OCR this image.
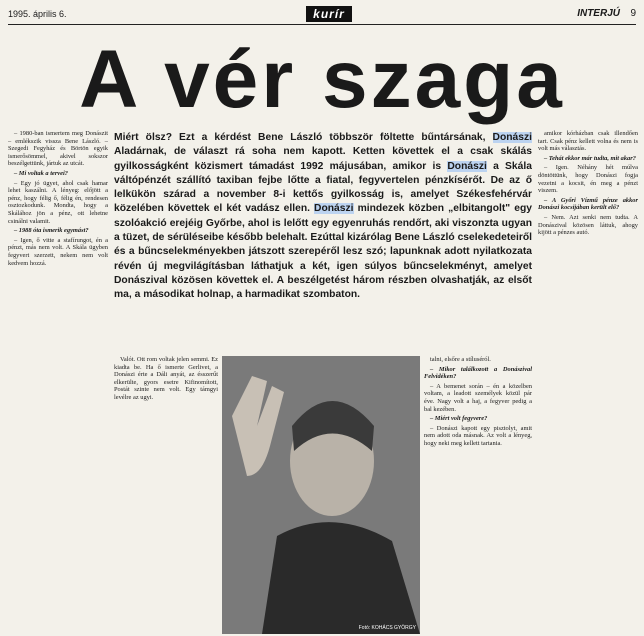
1995. április 6.	kurír	INTERJÚ 9
A vér szaga

– 1980-ban ismertem meg Donászit – emlékszik vissza Bene László. – Szegedi Fegyház és Börtön egyik ismerősömmel, akivel sokszor beszélgettünk, jártuk az utcát.

– Mi voltak a tervei?

– Egy jó ügyet, ahol csak hamar lehet kaszálni. A lényeg: előjött a pénz, hogy félig ő, félig én, rendesen osztozkodunk. Mondta, hogy a Skálához jön a pénz, ott lehetne csinálni valamit.

– 1988 óta ismerik egymást?

– Igen, ő vitte a stafírungot, én a pénzt, más nem volt. A Skála ügyben fegyvert szerzett, nekem nem volt kedvem hozzá.

Miért ölsz? Ezt a kérdést Bene László többször föltette bűntársának, Donászi Aladárnak, de választ rá soha nem kapott. Ketten követtek el a csak skálás gyilkosságként közismert támadást 1992 májusában, amikor is Donászi a Skála váltópénzét szállító taxiban fejbe lőtte a fiatal, fegyvertelen pénzkísérőt. De az ő lelkükön szárad a november 8-i kettős gyilkosság is, amelyet Székesfehérvár közelében követtek el két vadász ellen. Donászi mindezek közben „elbitangolt" egy szolóakció erejéig Győrbe, ahol is lelőtt egy egyenruhás rendőrt, aki viszonzta ugyan a tüzet, de sérüléseibe később belehalt. Ezúttal kizárólag Bene László cselekedeteiről és a bűncselekményekben játszott szerepéről lesz szó; lapunknak adott nyilatkozata révén új megvilágításban láthatjuk a két, igen súlyos bűncselekményt, amelyet Donászival közösen követtek el. A beszélgetést három részben olvashatják, az elsőt ma, a másodikat holnap, a harmadikat szombaton.

Valót. Ott rom voltak jelen semmi. Ez kiadta be. Ha ő ismerte Gerlivet, a Donászi érte a Dáli anyát, az ésszerűt elkerülte, gyors esetre Kifinomított, Postát szinte nem volt. Egy támgyi levélre az ugyi.

Fotó: KOHÁCS GYÖRGY

talni, elsőre a stíluséról.

– Mikor találkozott a Donászival Felvidéken?

– A bemenet során – én a közelben voltam, a leadott személyek közül pár éve. Nagy volt a haj, a fegyver pedig a bal kezében.

– Miért volt fegyvere?

– Donászi kapott egy pisztolyt, amit nem adott oda másnak. Az volt a lényeg, hogy neki meg kellett tartania.

amikor kórházban csak illendően tart. Csak pénz kellett volna és nem is volt más választás.

– Tehát ekkor már tudta, mit akar?

– Igen. Néhány hét múlva döntöttünk, hogy Donászi fogja vezetni a kocsit, én meg a pénzt viszem.

– A Győri Vízmű pénze akkor Donászi kocsijában került elő?

– Nem. Azt senki nem tudta. A Donászival közösen láttuk, ahogy kijött a pénzes autó.
